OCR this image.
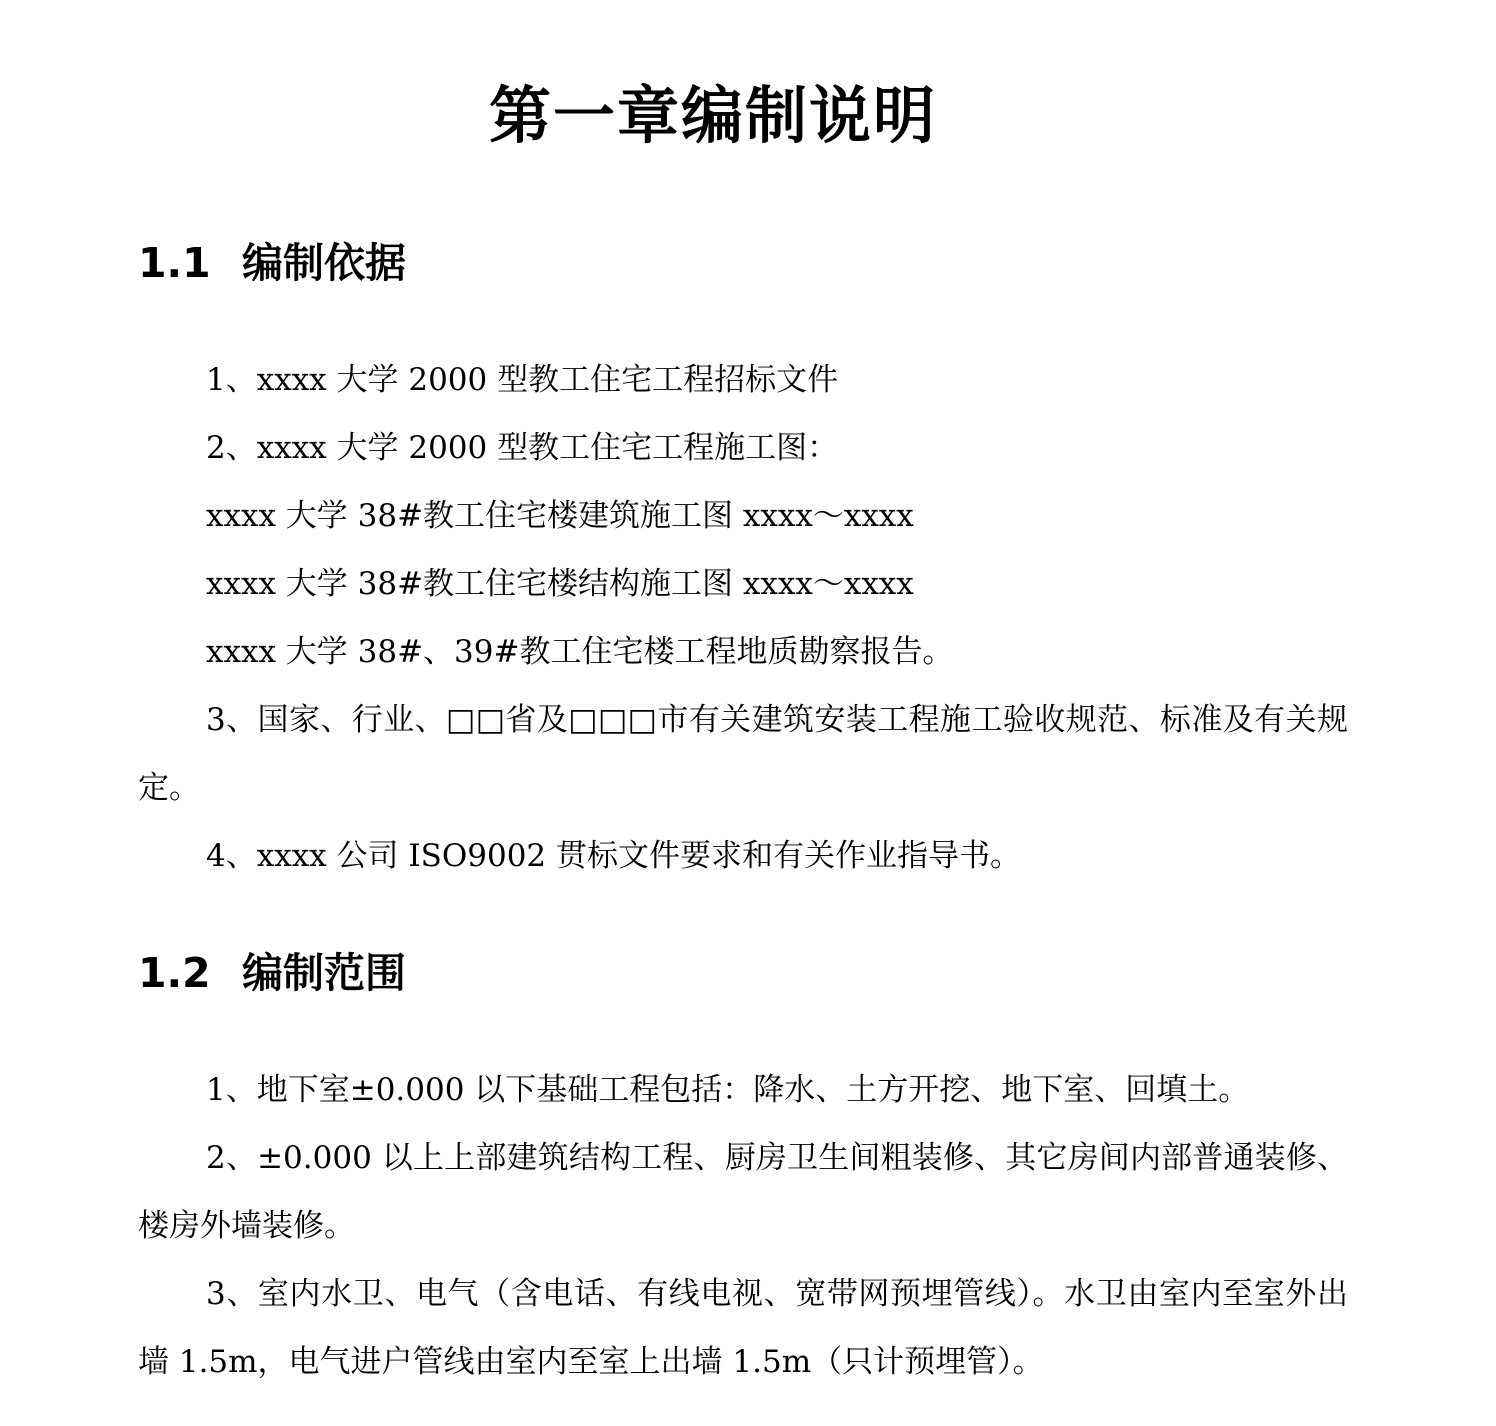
第一章编制说明
1.1 编制依据
1、xxxx 大学 2000 型教工住宅工程招标文件
2、xxxx 大学 2000 型教工住宅工程施工图：
xxxx 大学 38#教工住宅楼建筑施工图 xxxx～xxxx
xxxx 大学 38#教工住宅楼结构施工图 xxxx～xxxx
xxxx 大学 38#、39#教工住宅楼工程地质勘察报告。
3、国家、行业、□□省及□□□市有关建筑安装工程施工验收规范、标准及有关规定。
4、xxxx 公司 ISO9002 贯标文件要求和有关作业指导书。
1.2 编制范围
1、地下室±0.000 以下基础工程包括：降水、土方开挖、地下室、回填土。
2、±0.000 以上上部建筑结构工程、厨房卫生间粗装修、其它房间内部普通装修、楼房外墙装修。
3、室内水卫、电气（含电话、有线电视、宽带网预埋管线）。水卫由室内至室外出墙 1.5m，电气进户管线由室内至室上出墙 1.5m（只计预埋管）。
